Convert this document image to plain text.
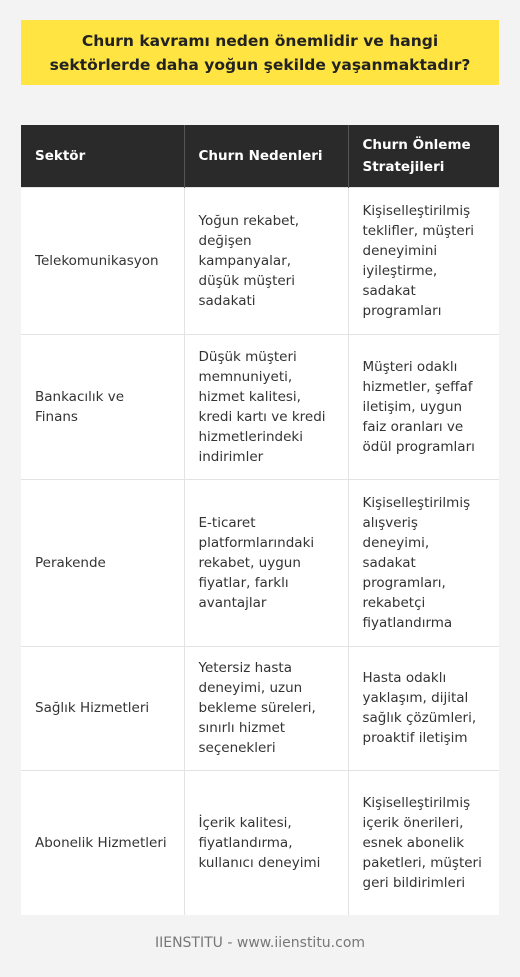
Churn kavramı neden önemlidir ve hangi sektörlerde daha yoğun şekilde yaşanmaktadır?
Sektör	Churn Nedenleri	Churn Önleme Stratejileri
Telekomunikasyon	Yoğun rekabet, değişen kampanyalar, düşük müşteri sadakati	Kişiselleştirilmiş teklifler, müşteri deneyimini iyileştirme, sadakat programları
Bankacılık ve Finans	Düşük müşteri memnuniyeti, hizmet kalitesi, kredi kartı ve kredi hizmetlerindeki indirimler	Müşteri odaklı hizmetler, şeffaf iletişim, uygun faiz oranları ve ödül programları
Perakende	E-ticaret platformlarındaki rekabet, uygun fiyatlar, farklı avantajlar	Kişiselleştirilmiş alışveriş deneyimi, sadakat programları, rekabetçi fiyatlandırma
Sağlık Hizmetleri	Yetersiz hasta deneyimi, uzun bekleme süreleri, sınırlı hizmet seçenekleri	Hasta odaklı yaklaşım, dijital sağlık çözümleri, proaktif iletişim
Abonelik Hizmetleri	İçerik kalitesi, fiyatlandırma, kullanıcı deneyimi	Kişiselleştirilmiş içerik önerileri, esnek abonelik paketleri, müşteri geri bildirimleri
IIENSTITU - www.iienstitu.com
